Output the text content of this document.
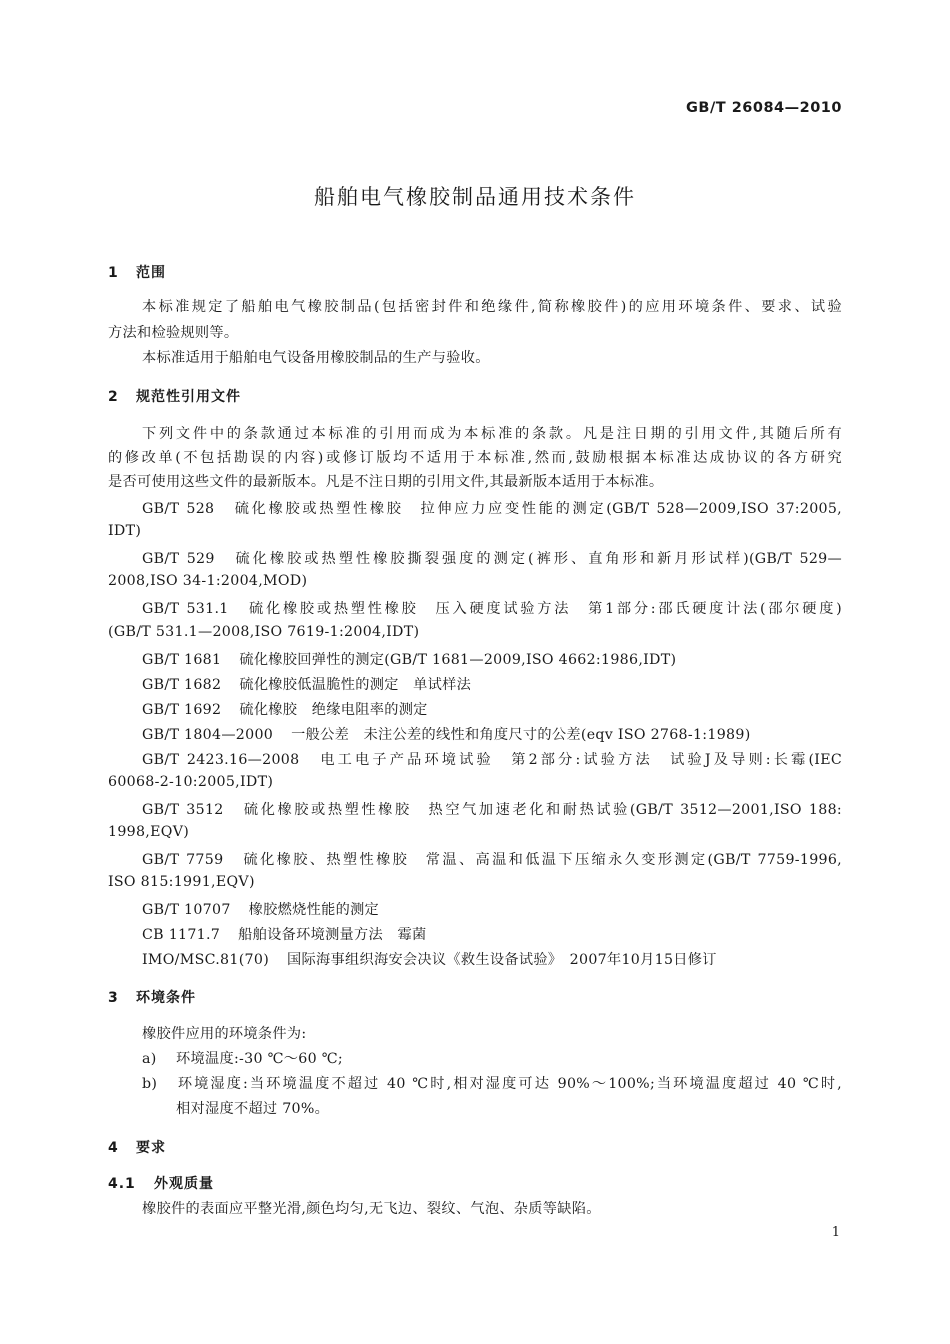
GB/T 26084—2010
船舶电气橡胶制品通用技术条件
1 范围
本标准规定了船舶电气橡胶制品(包括密封件和绝缘件,简称橡胶件)的应用环境条件、要求、试验
方法和检验规则等。
本标准适用于船舶电气设备用橡胶制品的生产与验收。
2 规范性引用文件
下列文件中的条款通过本标准的引用而成为本标准的条款。凡是注日期的引用文件,其随后所有
的修改单(不包括勘误的内容)或修订版均不适用于本标准,然而,鼓励根据本标准达成协议的各方研究
是否可使用这些文件的最新版本。凡是不注日期的引用文件,其最新版本适用于本标准。
GB/T 528 硫化橡胶或热塑性橡胶　拉伸应力应变性能的测定(GB/T 528—2009,ISO 37:2005,
IDT)
GB/T 529 硫化橡胶或热塑性橡胶撕裂强度的测定(裤形、直角形和新月形试样)(GB/T 529—
2008,ISO 34-1:2004,MOD)
GB/T 531.1 硫化橡胶或热塑性橡胶　压入硬度试验方法　第1部分:邵氏硬度计法(邵尔硬度)
(GB/T 531.1—2008,ISO 7619-1:2004,IDT)
GB/T 1681 硫化橡胶回弹性的测定(GB/T 1681—2009,ISO 4662:1986,IDT)
GB/T 1682 硫化橡胶低温脆性的测定　单试样法
GB/T 1692 硫化橡胶　绝缘电阻率的测定
GB/T 1804—2000 一般公差　未注公差的线性和角度尺寸的公差(eqv ISO 2768-1:1989)
GB/T 2423.16—2008 电工电子产品环境试验　第2部分:试验方法　试验J及导则:长霉(IEC
60068-2-10:2005,IDT)
GB/T 3512 硫化橡胶或热塑性橡胶　热空气加速老化和耐热试验(GB/T 3512—2001,ISO 188:
1998,EQV)
GB/T 7759 硫化橡胶、热塑性橡胶　常温、高温和低温下压缩永久变形测定(GB/T 7759-1996,
ISO 815:1991,EQV)
GB/T 10707 橡胶燃烧性能的测定
CB 1171.7 船舶设备环境测量方法　霉菌
IMO/MSC.81(70) 国际海事组织海安会决议《救生设备试验》　2007年10月15日修订
3 环境条件
橡胶件应用的环境条件为:
a) 环境温度:-30 ℃～60 ℃;
b) 环境湿度:当环境温度不超过 40 ℃时,相对湿度可达 90%～100%;当环境温度超过 40 ℃时,
相对湿度不超过 70%。
4 要求
4.1 外观质量
橡胶件的表面应平整光滑,颜色均匀,无飞边、裂纹、气泡、杂质等缺陷。
1
